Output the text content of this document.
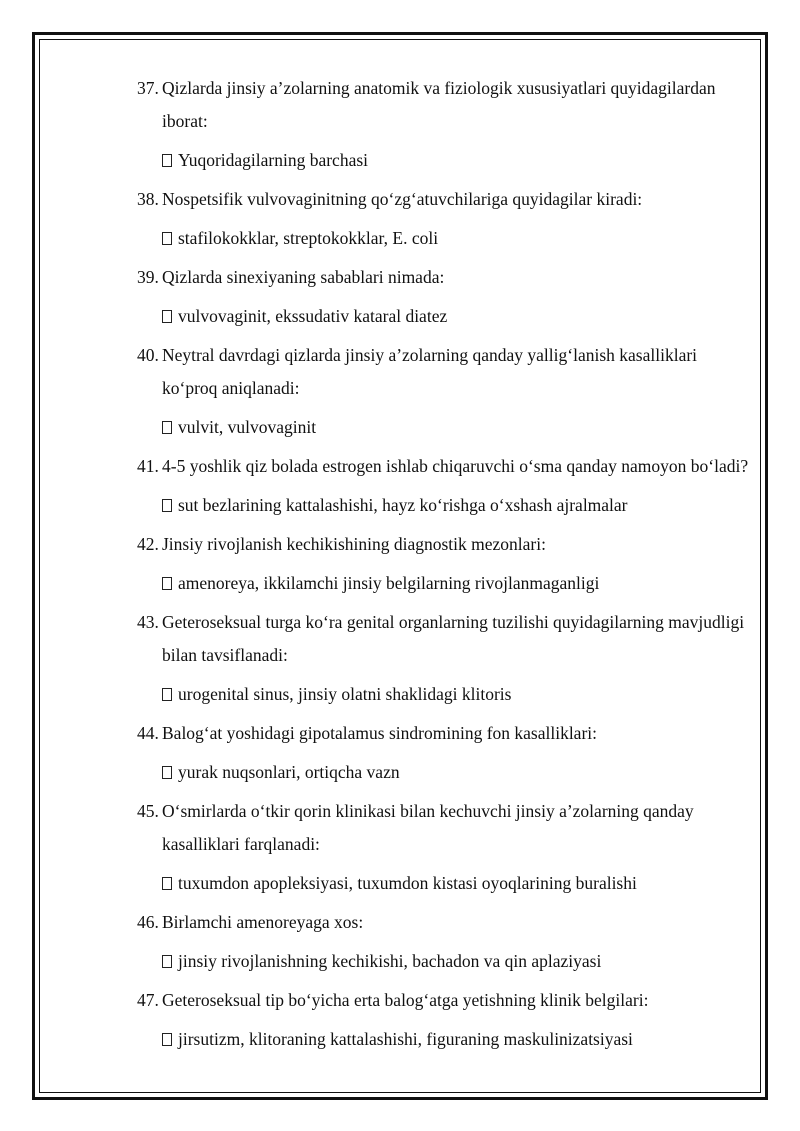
37. Qizlarda jinsiy a’zolarning anatomik va fiziologik xususiyatlari quyidagilardan iborat:
Yuqoridagilarning barchasi
38. Nospetsifik vulvovaginitning qo‘zg‘atuvchilariga quyidagilar kiradi:
stafilokokklar, streptokokklar, E. coli
39. Qizlarda sinexiyaning sabablari nimada:
vulvovaginit, ekssudativ kataral diatez
40. Neytral davrdagi qizlarda jinsiy a’zolarning qanday yallig‘lanish kasalliklari ko‘proq aniqlanadi:
vulvit, vulvovaginit
41. 4-5 yoshlik qiz bolada estrogen ishlab chiqaruvchi o‘sma qanday namoyon bo‘ladi?
sut bezlarining kattalashishi, hayz ko‘rishga o‘xshash ajralmalar
42. Jinsiy rivojlanish kechikishining diagnostik mezonlari:
amenoreya, ikkilamchi jinsiy belgilarning rivojlanmaganligi
43. Geteroseksual turga ko‘ra genital organlarning tuzilishi quyidagilarning mavjudligi bilan tavsiflanadi:
urogenital sinus, jinsiy olatni shaklidagi klitoris
44. Balog‘at yoshidagi gipotalamus sindromining fon kasalliklari:
yurak nuqsonlari, ortiqcha vazn
45. O‘smirlarda o‘tkir qorin klinikasi bilan kechuvchi jinsiy a’zolarning qanday kasalliklari farqlanadi:
tuxumdon apopleksiyasi, tuxumdon kistasi oyoqlarining buralishi
46. Birlamchi amenoreyaga xos:
jinsiy rivojlanishning kechikishi, bachadon va qin aplaziyasi
47. Geteroseksual tip bo‘yicha erta balog‘atga yetishning klinik belgilari:
jirsutizm, klitoraning kattalashishi, figuraning maskulinizatsiyasi
